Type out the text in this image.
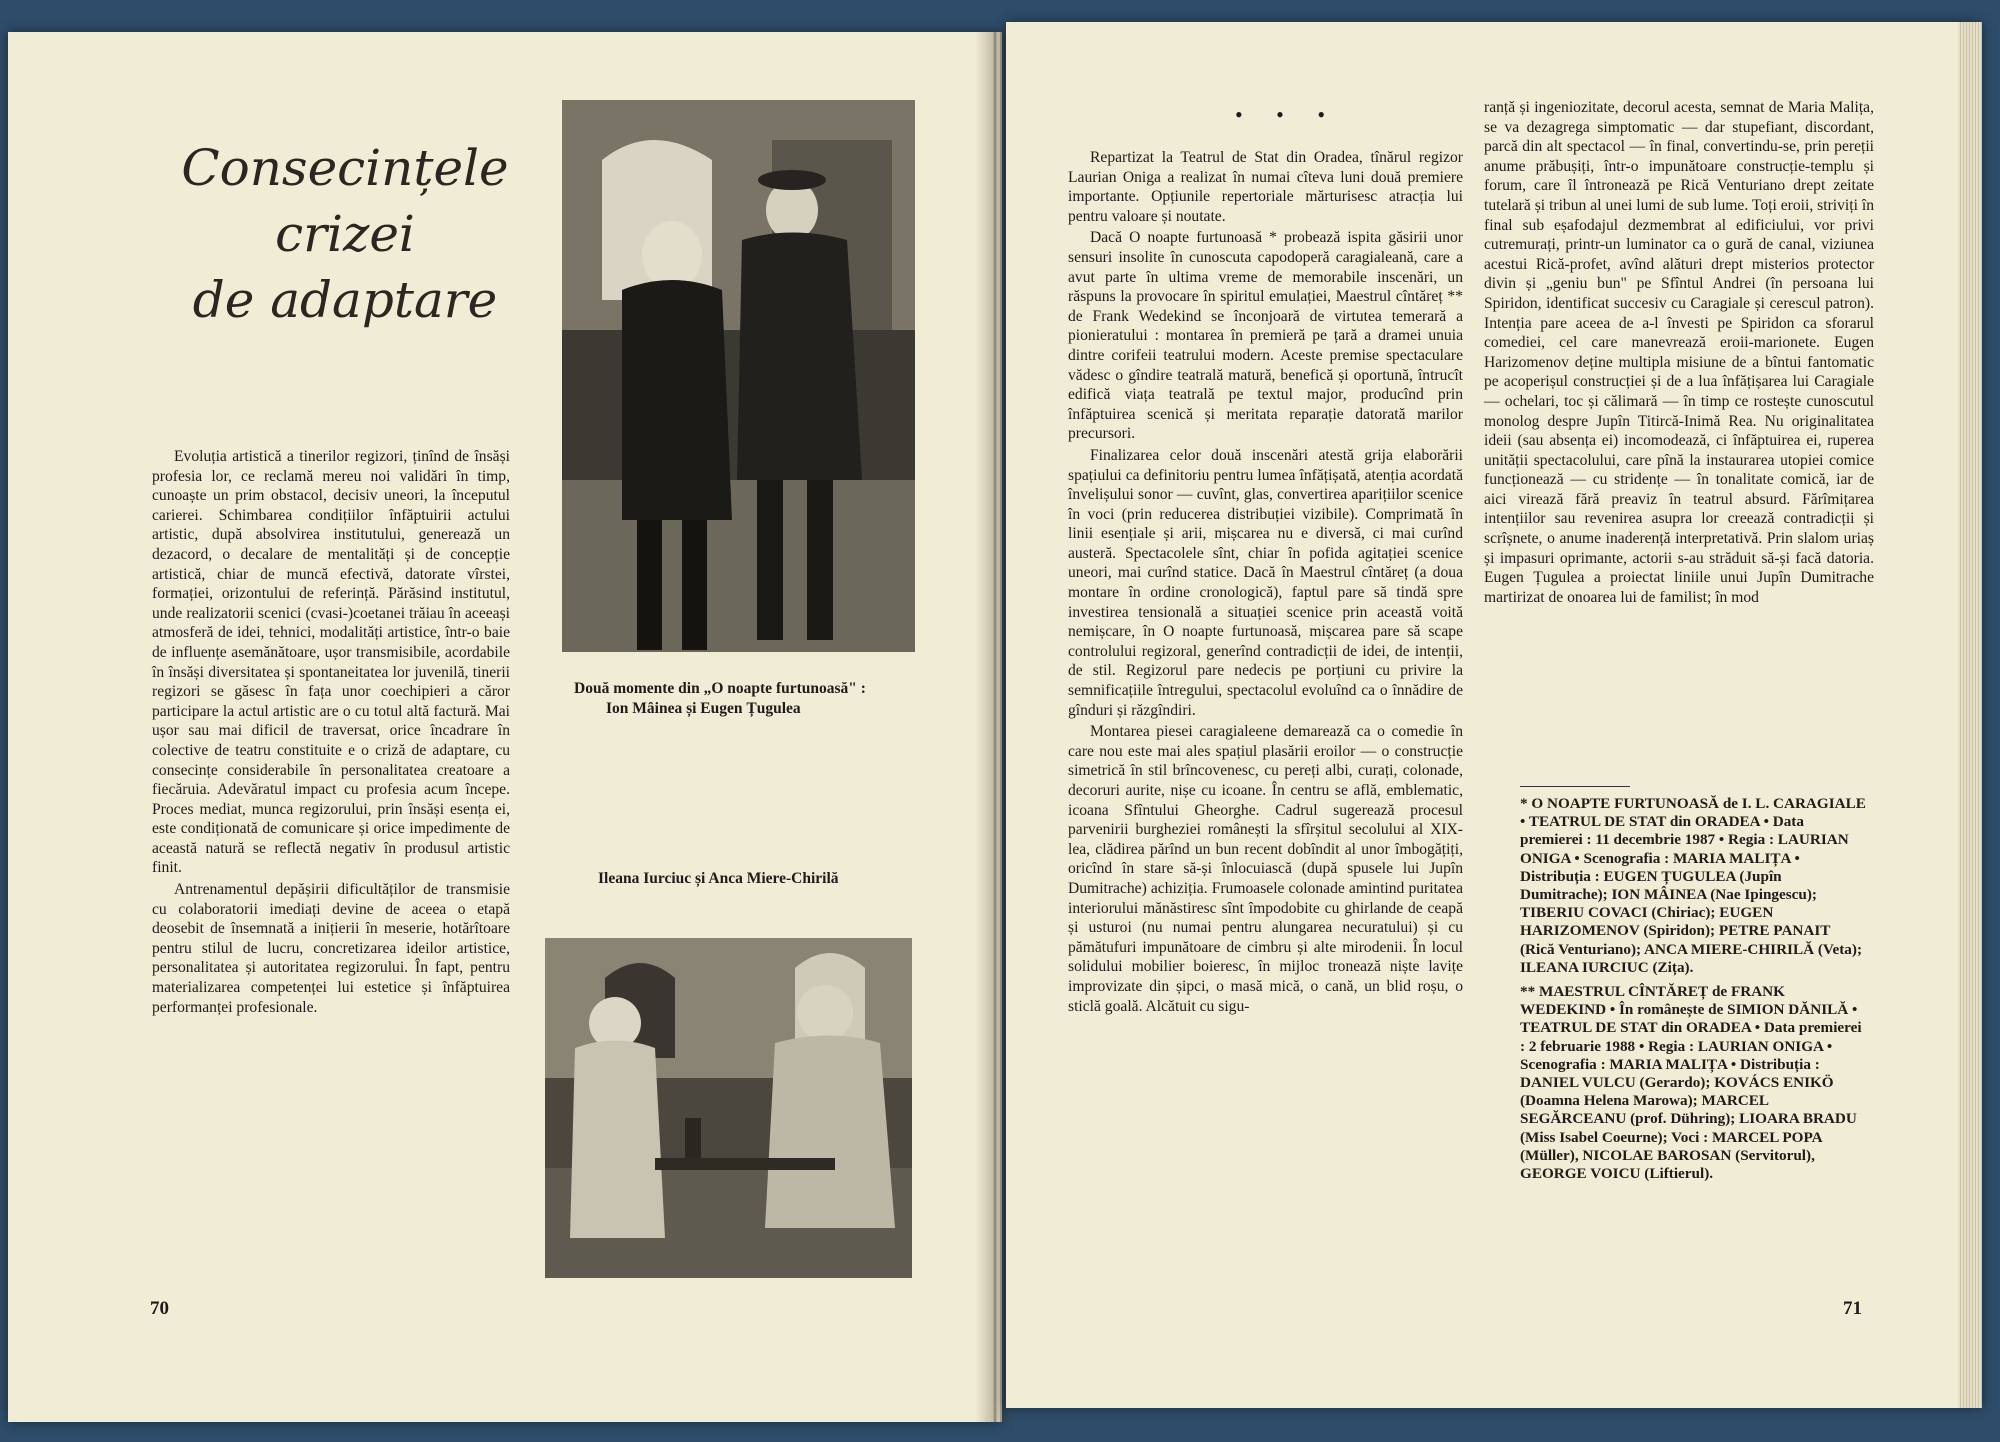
Consecințele
crizei
de adaptare

Evoluția artistică a tinerilor regizori, ținînd de însăși profesia lor, ce reclamă mereu noi validări în timp, cunoaște un prim obstacol, decisiv uneori, la începutul carierei. Schimbarea condițiilor înfăptuirii actului artistic, după absolvirea institutului, generează un dezacord, o decalare de mentalități și de concepție artistică, chiar de muncă efectivă, datorate vîrstei, formației, orizontului de referință. Părăsind institutul, unde realizatorii scenici (cvasi-)coetanei trăiau în aceeași atmosferă de idei, tehnici, modalități artistice, într-o baie de influențe asemănătoare, ușor transmisibile, acordabile în însăși diversitatea și spontaneitatea lor juvenilă, tinerii regizori se găsesc în fața unor coechipieri a căror participare la actul artistic are o cu totul altă factură. Mai ușor sau mai dificil de traversat, orice încadrare în colective de teatru constituite e o criză de adaptare, cu consecințe considerabile în personalitatea creatoare a fiecăruia. Adevăratul impact cu profesia acum începe. Proces mediat, munca regizorului, prin însăși esența ei, este condiționată de comunicare și orice impedimente de această natură se reflectă negativ în produsul artistic finit.

Antrenamentul depășirii dificultăților de transmisie cu colaboratorii imediați devine de aceea o etapă deosebit de însemnată a inițierii în meserie, hotărîtoare pentru stilul de lucru, concretizarea ideilor artistice, personalitatea și autoritatea regizorului. În fapt, pentru materializarea competenței lui estetice și înfăptuirea performanței profesionale.

Două momente din „O noapte furtunoasă" :
Ion Mâinea și Eugen Țugulea
Ileana Iurciuc și Anca Miere-Chirilă
70
• • •

Repartizat la Teatrul de Stat din Oradea, tînărul regizor Laurian Oniga a realizat în numai cîteva luni două premiere importante. Opțiunile repertoriale mărturisesc atracția lui pentru valoare și noutate.

Dacă O noapte furtunoasă * probează ispita găsirii unor sensuri insolite în cunoscuta capodoperă caragialeană, care a avut parte în ultima vreme de memorabile inscenări, un răspuns la provocare în spiritul emulației, Maestrul cîntăreț ** de Frank Wedekind se înconjoară de virtutea temerară a pionieratului : montarea în premieră pe țară a dramei unuia dintre corifeii teatrului modern. Aceste premise spectaculare vădesc o gîndire teatrală matură, benefică și oportună, întrucît edifică viața teatrală pe textul major, producînd prin înfăptuirea scenică și meritata reparație datorată marilor precursori.

Finalizarea celor două inscenări atestă grija elaborării spațiului ca definitoriu pentru lumea înfățișată, atenția acordată învelișului sonor — cuvînt, glas, convertirea aparițiilor scenice în voci (prin reducerea distribuției vizibile). Comprimată în linii esențiale și arii, mișcarea nu e diversă, ci mai curînd austeră. Spectacolele sînt, chiar în pofida agitației scenice uneori, mai curînd statice. Dacă în Maestrul cîntăreț (a doua montare în ordine cronologică), faptul pare să tindă spre investirea tensională a situației scenice prin această voită nemișcare, în O noapte furtunoasă, mișcarea pare să scape controlului regizoral, generînd contradicții de idei, de intenții, de stil. Regizorul pare nedecis pe porțiuni cu privire la semnificațiile întregului, spectacolul evoluînd ca o înnădire de gînduri și răzgîndiri.

Montarea piesei caragialeene demarează ca o comedie în care nou este mai ales spațiul plasării eroilor — o construcție simetrică în stil brîncovenesc, cu pereți albi, curați, colonade, decoruri aurite, nișe cu icoane. În centru se află, emblematic, icoana Sfîntului Gheorghe. Cadrul sugerează procesul parvenirii burgheziei românești la sfîrșitul secolului al XIX-lea, clădirea părînd un bun recent dobîndit al unor îmbogățiți, oricînd în stare să-și înlocuiască (după spusele lui Jupîn Dumitrache) achiziția. Frumoasele colonade amintind puritatea interiorului mănăstiresc sînt împodobite cu ghirlande de ceapă și usturoi (nu numai pentru alungarea necuratului) și cu pămătufuri impunătoare de cimbru și alte mirodenii. În locul solidului mobilier boieresc, în mijloc tronează niște lavițe improvizate din șipci, o masă mică, o cană, un blid roșu, o sticlă goală. Alcătuit cu sigu-

ranță și ingeniozitate, decorul acesta, semnat de Maria Malița, se va dezagrega simptomatic — dar stupefiant, discordant, parcă din alt spectacol — în final, convertindu-se, prin pereții anume prăbușiți, într-o impunătoare construcție-templu și forum, care îl întronează pe Rică Venturiano drept zeitate tutelară și tribun al unei lumi de sub lume. Toți eroii, striviți în final sub eșafodajul dezmembrat al edificiului, vor privi cutremurați, printr-un luminator ca o gură de canal, viziunea acestui Rică-profet, avînd alături drept misterios protector divin și „geniu bun" pe Sfîntul Andrei (în persoana lui Spiridon, identificat succesiv cu Caragiale și cerescul patron). Intenția pare aceea de a-l învesti pe Spiridon ca sforarul comediei, cel care manevrează eroii-marionete. Eugen Harizomenov deține multipla misiune de a bîntui fantomatic pe acoperișul construcției și de a lua înfățișarea lui Caragiale — ochelari, toc și călimară — în timp ce rostește cunoscutul monolog despre Jupîn Titircă-Inimă Rea. Nu originalitatea ideii (sau absența ei) incomodează, ci înfăptuirea ei, ruperea unității spectacolului, care pînă la instaurarea utopiei comice funcționează — cu stridențe — în tonalitate comică, iar de aici virează fără preaviz în teatrul absurd. Fărîmițarea intențiilor sau revenirea asupra lor creează contradicții și scrîșnete, o anume inaderență interpretativă. Prin slalom uriaș și impasuri oprimante, actorii s-au străduit să-și facă datoria. Eugen Țugulea a proiectat liniile unui Jupîn Dumitrache martirizat de onoarea lui de familist; în mod

* O NOAPTE FURTUNOASĂ de I. L. CARAGIALE • TEATRUL DE STAT din ORADEA • Data premierei : 11 decembrie 1987 • Regia : LAURIAN ONIGA • Scenografia : MARIA MALIȚA • Distribuția : EUGEN ȚUGULEA (Jupîn Dumitrache); ION MÂINEA (Nae Ipingescu); TIBERIU COVACI (Chiriac); EUGEN HARIZOMENOV (Spiridon); PETRE PANAIT (Rică Venturiano); ANCA MIERE-CHIRILĂ (Veta); ILEANA IURCIUC (Zița).

** MAESTRUL CÎNTĂREȚ de FRANK WEDEKIND • În românește de SIMION DĂNILĂ • TEATRUL DE STAT din ORADEA • Data premierei : 2 februarie 1988 • Regia : LAURIAN ONIGA • Scenografia : MARIA MALIȚA • Distribuția : DANIEL VULCU (Gerardo); KOVÁCS ENIKÖ (Doamna Helena Marowa); MARCEL SEGĂRCEANU (prof. Dühring); LIOARA BRADU (Miss Isabel Coeurne); Voci : MARCEL POPA (Müller), NICOLAE BAROSAN (Servitorul), GEORGE VOICU (Liftierul).

71
